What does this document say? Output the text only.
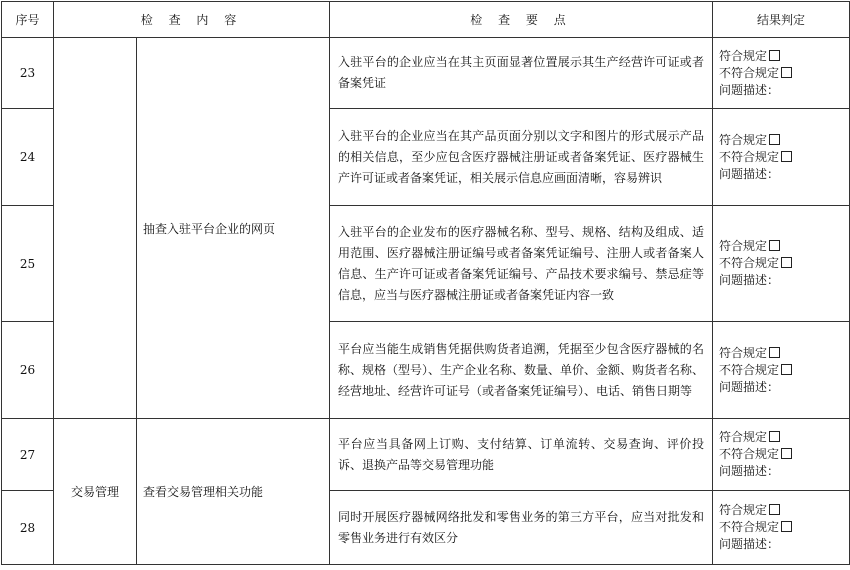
序号	检 查 内 容		检 查 要 点	结果判定
23		抽查入驻平台企业的网页	入驻平台的企业应当在其主页面显著位置展示其生产经营许可证或者备案凭证	符合规定
不符合规定
问题描述：

24			入驻平台的企业应当在其产品页面分别以文字和图片的形式展示产品的相关信息，至少应包含医疗器械注册证或者备案凭证、医疗器械生产许可证或者备案凭证，相关展示信息应画面清晰，容易辨识	符合规定
不符合规定
问题描述：

25			入驻平台的企业发布的医疗器械名称、型号、规格、结构及组成、适用范围、医疗器械注册证编号或者备案凭证编号、注册人或者备案人信息、生产许可证或者备案凭证编号、产品技术要求编号、禁忌症等信息，应当与医疗器械注册证或者备案凭证内容一致	符合规定
不符合规定
问题描述：

26			平台应当能生成销售凭据供购货者追溯，凭据至少包含医疗器械的名称、规格（型号）、生产企业名称、数量、单价、金额、购货者名称、经营地址、经营许可证号（或者备案凭证编号）、电话、销售日期等	符合规定
不符合规定
问题描述：

27	交易管理	查看交易管理相关功能	平台应当具备网上订购、支付结算、订单流转、交易查询、评价投诉、退换产品等交易管理功能	符合规定
不符合规定
问题描述：

28			同时开展医疗器械网络批发和零售业务的第三方平台，应当对批发和零售业务进行有效区分	符合规定
不符合规定
问题描述：
